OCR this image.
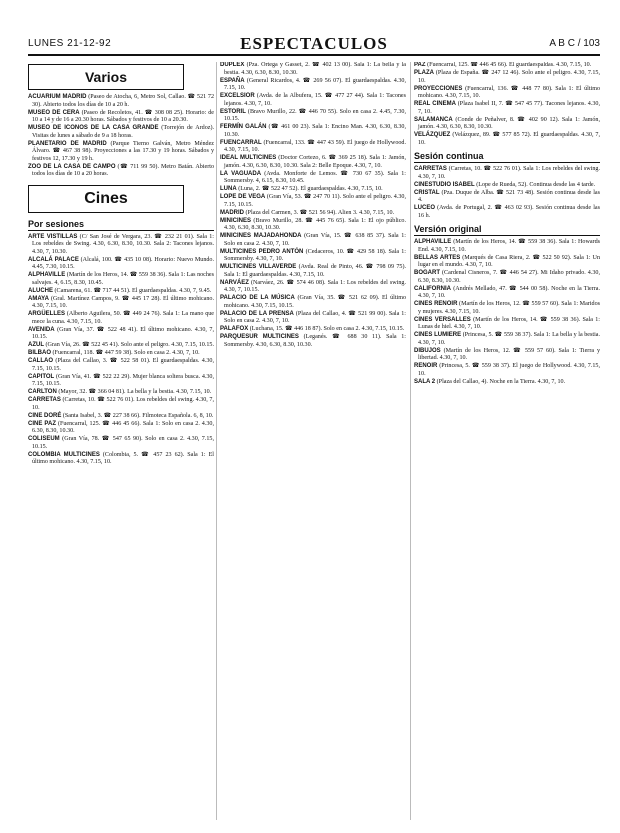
LUNES 21-12-92	ESPECTACULOS	A B C / 103
Varios
ACUARIUM MADRID (Paseo de Atocha, 6, Metro Sol, Callao. ☎ 521 72 30). Abierto todos los días de 10 a 20 h.
MUSEO DE CERA (Paseo de Recoletos, 41. ☎ 308 08 25). Horario: de 10 a 14 y de 16 a 20.30 horas. Sábados y festivos de 10 a 20.30.
MUSEO DE ICONOS DE LA CASA GRANDE (Torrejón de Ardoz). Visitas de lunes a sábado de 9 a 18 horas.
PLANETARIO DE MADRID (Parque Tierno Galván, Metro Méndez Álvaro. ☎ 467 38 98). Proyecciones a las 17.30 y 19 horas. Sábados y festivos 12, 17.30 y 19 h.
ZOO DE LA CASA DE CAMPO (☎ 711 99 50). Metro Batán. Abierto todos los días de 10 a 20 horas.
Cines
Por sesiones
ARTE VISTILLAS (C/ San José de Vergara, 23. ☎ 232 21 01). Sala 1: Los rebeldes de Swing. 4.30, 6.30, 8.30, 10.30. Sala 2: Tacones lejanos. 4.30, 7, 10.30.
ALCALÁ PALACE (Alcalá, 100. ☎ 435 10 08). Horario: Nuevo Mundo. 4.45, 7.30, 10.15.
ALPHAVILLE (Martín de los Heros, 14. ☎ 559 38 36). Sala 1: Las noches salvajes. 4, 6.15, 8.30, 10.45.
ALUCHE (Camarena, 61. ☎ 717 44 51). El guardaespaldas. 4.30, 7, 9.45.
AMAYA (Gral. Martínez Campos, 9. ☎ 445 17 28). El último mohicano. 4.30, 7.15, 10.
ARGÜELLES (Alberto Aguilera, 50. ☎ 449 24 76). Sala 1: La mano que mece la cuna. 4.30, 7.15, 10.
AVENIDA (Gran Vía, 37. ☎ 522 48 41). El último mohicano. 4.30, 7, 10.15.
AZUL (Gran Vía, 26. ☎ 522 45 41). Solo ante el peligro. 4.30, 7.15, 10.15.
BILBAO (Fuencarral, 118. ☎ 447 59 38). Solo en casa 2. 4.30, 7, 10.
CALLAO (Plaza del Callao, 3. ☎ 522 58 01). El guardaespaldas. 4.30, 7.15, 10.15.
CAPITOL (Gran Vía, 41. ☎ 522 22 29). Mujer blanca soltera busca. 4.30, 7.15, 10.15.
CARLTON (Mayor, 32. ☎ 366 04 81). La bella y la bestia. 4.30, 7.15, 10.
CARRETAS (Carretas, 10. ☎ 522 76 01). Los rebeldes del swing. 4.30, 7, 10.
CINE DORÉ (Santa Isabel, 3. ☎ 227 38 66). Filmoteca Española. 6, 8, 10.
CINE PAZ (Fuencarral, 125. ☎ 446 45 66). Sala 1: Solo en casa 2. 4.30, 6.30, 8.30, 10.30.
COLISEUM (Gran Vía, 78. ☎ 547 65 90). Solo en casa 2. 4.30, 7.15, 10.15.
COLOMBIA MULTICINES (Colombia, 5. ☎ 457 23 62). Sala 1: El último mohicano. 4.30, 7.15, 10.
DUPLEX (Pza. Ortega y Gasset, 2. ☎ 402 13 00). Sala 1: La bella y la bestia. 4.30, 6.30, 8.30, 10.30.
ESPAÑA (General Ricardos, 4. ☎ 269 56 07). El guardaespaldas. 4.30, 7.15, 10.
EXCELSIOR (Avda. de la Albufera, 15. ☎ 477 27 44). Sala 1: Tacones lejanos. 4.30, 7, 10.
ESTORIL (Bravo Murillo, 22. ☎ 446 70 55). Solo en casa 2. 4.45, 7.30, 10.15.
FERMÍN GALÁN (☎ 461 00 23). Sala 1: Encino Man. 4.30, 6.30, 8.30, 10.30.
FUENCARRAL (Fuencarral, 133. ☎ 447 43 59). El juego de Hollywood. 4.30, 7.15, 10.
IDEAL MULTICINES (Doctor Cortezo, 6. ☎ 369 25 18). Sala 1: Jamón, jamón. 4.30, 6.30, 8.30, 10.30. Sala 2: Belle Epoque. 4.30, 7, 10.
LA VAGUADA (Avda. Monforte de Lemos. ☎ 730 67 35). Sala 1: Sommersby. 4, 6.15, 8.30, 10.45.
LUNA (Luna, 2. ☎ 522 47 52). El guardaespaldas. 4.30, 7.15, 10.
LOPE DE VEGA (Gran Vía, 53. ☎ 247 70 11). Solo ante el peligro. 4.30, 7.15, 10.15.
MADRID (Plaza del Carmen, 3. ☎ 521 56 94). Alien 3. 4.30, 7.15, 10.
MINICINES (Bravo Murillo, 28. ☎ 445 76 65). Sala 1: El ojo público. 4.30, 6.30, 8.30, 10.30.
MINICINES MAJADAHONDA (Gran Vía, 15. ☎ 638 85 37). Sala 1: Solo en casa 2. 4.30, 7, 10.
MULTICINES PEDRO ANTÓN (Cedaceros, 10. ☎ 429 58 18). Sala 1: Sommersby. 4.30, 7, 10.
MULTICINES VILLAVERDE (Avda. Real de Pinto, 46. ☎ 798 09 75). Sala 1: El guardaespaldas. 4.30, 7.15, 10.
NARVÁEZ (Narváez, 26. ☎ 574 46 08). Sala 1: Los rebeldes del swing. 4.30, 7, 10.15.
PALACIO DE LA MÚSICA (Gran Vía, 35. ☎ 521 62 09). El último mohicano. 4.30, 7.15, 10.15.
PALACIO DE LA PRENSA (Plaza del Callao, 4. ☎ 521 99 00). Sala 1: Solo en casa 2. 4.30, 7, 10.
PALAFOX (Luchana, 15. ☎ 446 18 87). Solo en casa 2. 4.30, 7.15, 10.15.
PARQUESUR MULTICINES (Leganés. ☎ 688 30 11). Sala 1: Sommersby. 4.30, 6.30, 8.30, 10.30.
PAZ (Fuencarral, 125. ☎ 446 45 66). El guardaespaldas. 4.30, 7.15, 10.
PLAZA (Plaza de España. ☎ 247 12 46). Solo ante el peligro. 4.30, 7.15, 10.
PROYECCIONES (Fuencarral, 136. ☎ 448 77 80). Sala 1: El último mohicano. 4.30, 7.15, 10.
REAL CINEMA (Plaza Isabel II, 7. ☎ 547 45 77). Tacones lejanos. 4.30, 7, 10.
SALAMANCA (Conde de Peñalver, 8. ☎ 402 90 12). Sala 1: Jamón, jamón. 4.30, 6.30, 8.30, 10.30.
VELÁZQUEZ (Velázquez, 89. ☎ 577 85 72). El guardaespaldas. 4.30, 7, 10.
Sesión continua
CARRETAS (Carretas, 10. ☎ 522 76 01). Sala 1: Los rebeldes del swing. 4.30, 7, 10.
CINESTUDIO ISABEL (Lope de Rueda, 52). Continua desde las 4 tarde.
CRISTAL (Pza. Duque de Alba. ☎ 521 73 48). Sesión continua desde las 4.
LUCEO (Avda. de Portugal, 2. ☎ 463 02 93). Sesión continua desde las 16 h.
Versión original
ALPHAVILLE (Martín de los Heros, 14. ☎ 559 38 36). Sala 1: Howards End. 4.30, 7.15, 10.
BELLAS ARTES (Marqués de Casa Riera, 2. ☎ 522 50 92). Sala 1: Un lugar en el mundo. 4.30, 7, 10.
BOGART (Cardenal Cisneros, 7. ☎ 446 54 27). Mi Idaho privado. 4.30, 6.30, 8.30, 10.30.
CALIFORNIA (Andrés Mellado, 47. ☎ 544 00 58). Noche en la Tierra. 4.30, 7, 10.
CINES RENOIR (Martín de los Heros, 12. ☎ 559 57 60). Sala 1: Maridos y mujeres. 4.30, 7.15, 10.
CINES VERSALLES (Martín de los Heros, 14. ☎ 559 38 36). Sala 1: Lunas de hiel. 4.30, 7, 10.
CINES LUMIERE (Princesa, 5. ☎ 559 38 37). Sala 1: La bella y la bestia. 4.30, 7, 10.
DIBUJOS (Martín de los Heros, 12. ☎ 559 57 60). Sala 1: Tierra y libertad. 4.30, 7, 10.
RENOIR (Princesa, 5. ☎ 559 38 37). El juego de Hollywood. 4.30, 7.15, 10.
SALA 2 (Plaza del Callao, 4). Noche en la Tierra. 4.30, 7, 10.
